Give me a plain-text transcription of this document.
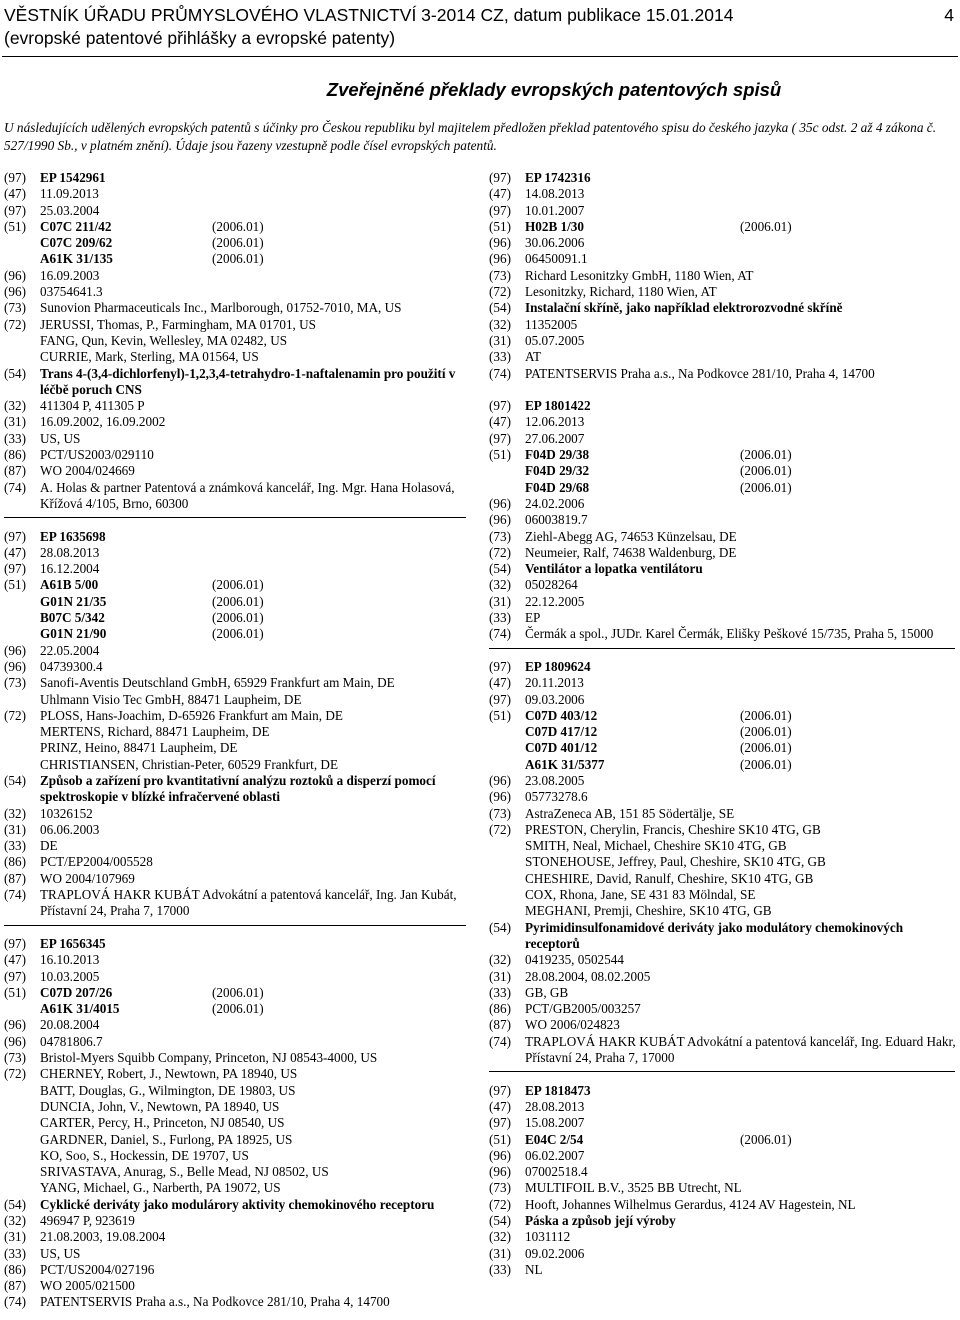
VĚSTNÍK ÚŘADU PRŮMYSLOVÉHO VLASTNICTVÍ 3-2014 CZ, datum publikace 15.01.2014
(evropské patentové přihlášky a evropské patenty)
4
Zveřejněné překlady evropských patentových spisů
U následujících udělených evropských patentů s účinky pro Českou republiku byl majitelem předložen překlad patentového spisu do českého jazyka ( 35c odst. 2 až 4 zákona č. 527/1990 Sb., v platném znění). Údaje jsou řazeny vzestupně podle čísel evropských patentů.
(97) EP 1542961
(47) 11.09.2013
(97) 25.03.2004
(51) C07C 211/42	(2006.01)
C07C 209/62	(2006.01)
A61K 31/135	(2006.01)
(96) 16.09.2003
(96) 03754641.3
(73) Sunovion Pharmaceuticals Inc., Marlborough, 01752-7010, MA, US
(72) JERUSSI, Thomas, P., Farmingham, MA 01701, US
FANG, Qun, Kevin, Wellesley, MA 02482, US
CURRIE, Mark, Sterling, MA 01564, US
(54) Trans 4-(3,4-dichlorfenyl)-1,2,3,4-tetrahydro-1-naftalenamin pro použití v léčbě poruch CNS
(32) 411304 P, 411305 P
(31) 16.09.2002, 16.09.2002
(33) US, US
(86) PCT/US2003/029110
(87) WO 2004/024669
(74) A. Holas & partner Patentová a známková kancelář, Ing. Mgr. Hana Holasová, Křížová 4/105, Brno, 60300
(97) EP 1635698
(47) 28.08.2013
(97) 16.12.2004
(51) A61B 5/00	(2006.01)
G01N 21/35	(2006.01)
B07C 5/342	(2006.01)
G01N 21/90	(2006.01)
(96) 22.05.2004
(96) 04739300.4
(73) Sanofi-Aventis Deutschland GmbH, 65929 Frankfurt am Main, DE
Uhlmann Visio Tec GmbH, 88471 Laupheim, DE
(72) PLOSS, Hans-Joachim, D-65926 Frankfurt am Main, DE
MERTENS, Richard, 88471 Laupheim, DE
PRINZ, Heino, 88471 Laupheim, DE
CHRISTIANSEN, Christian-Peter, 60529 Frankfurt, DE
(54) Způsob a zařízení pro kvantitativní analýzu roztoků a disperzí pomocí spektroskopie v blízké infračervené oblasti
(32) 10326152
(31) 06.06.2003
(33) DE
(86) PCT/EP2004/005528
(87) WO 2004/107969
(74) TRAPLOVÁ HAKR KUBÁT Advokátní a patentová kancelář, Ing. Jan Kubát, Přístavní 24, Praha 7, 17000
(97) EP 1656345
(47) 16.10.2013
(97) 10.03.2005
(51) C07D 207/26	(2006.01)
A61K 31/4015	(2006.01)
(96) 20.08.2004
(96) 04781806.7
(73) Bristol-Myers Squibb Company, Princeton, NJ 08543-4000, US
(72) CHERNEY, Robert, J., Newtown, PA 18940, US
BATT, Douglas, G., Wilmington, DE 19803, US
DUNCIA, John, V., Newtown, PA 18940, US
CARTER, Percy, H., Princeton, NJ 08540, US
GARDNER, Daniel, S., Furlong, PA 18925, US
KO, Soo, S., Hockessin, DE 19707, US
SRIVASTAVA, Anurag, S., Belle Mead, NJ 08502, US
YANG, Michael, G., Narberth, PA 19072, US
(54) Cyklické deriváty jako modulárory aktivity chemokinového receptoru
(32) 496947 P, 923619
(31) 21.08.2003, 19.08.2004
(33) US, US
(86) PCT/US2004/027196
(87) WO 2005/021500
(74) PATENTSERVIS Praha a.s., Na Podkovce 281/10, Praha 4, 14700
(97) EP 1742316
(47) 14.08.2013
(97) 10.01.2007
(51) H02B 1/30	(2006.01)
(96) 30.06.2006
(96) 06450091.1
(73) Richard Lesonitzky GmbH, 1180 Wien, AT
(72) Lesonitzky, Richard, 1180 Wien, AT
(54) Instalační skříně, jako například elektrorozvodné skříně
(32) 11352005
(31) 05.07.2005
(33) AT
(74) PATENTSERVIS Praha a.s., Na Podkovce 281/10, Praha 4, 14700
(97) EP 1801422
(47) 12.06.2013
(97) 27.06.2007
(51) F04D 29/38	(2006.01)
F04D 29/32	(2006.01)
F04D 29/68	(2006.01)
(96) 24.02.2006
(96) 06003819.7
(73) Ziehl-Abegg AG, 74653 Künzelsau, DE
(72) Neumeier, Ralf, 74638 Waldenburg, DE
(54) Ventilátor a lopatka ventilátoru
(32) 05028264
(31) 22.12.2005
(33) EP
(74) Čermák a spol., JUDr. Karel Čermák, Elišky Peškové 15/735, Praha 5, 15000
(97) EP 1809624
(47) 20.11.2013
(97) 09.03.2006
(51) C07D 403/12	(2006.01)
C07D 417/12	(2006.01)
C07D 401/12	(2006.01)
A61K 31/5377	(2006.01)
(96) 23.08.2005
(96) 05773278.6
(73) AstraZeneca AB, 151 85 Södertälje, SE
(72) PRESTON, Cherylin, Francis, Cheshire SK10 4TG, GB
SMITH, Neal, Michael, Cheshire SK10 4TG, GB
STONEHOUSE, Jeffrey, Paul, Cheshire, SK10 4TG, GB
CHESHIRE, David, Ranulf, Cheshire, SK10 4TG, GB
COX, Rhona, Jane, SE 431 83 Mölndal, SE
MEGHANI, Premji, Cheshire, SK10 4TG, GB
(54) Pyrimidinsulfonamidové deriváty jako modulátory chemokinových receptorů
(32) 0419235, 0502544
(31) 28.08.2004, 08.02.2005
(33) GB, GB
(86) PCT/GB2005/003257
(87) WO 2006/024823
(74) TRAPLOVÁ HAKR KUBÁT Advokátní a patentová kancelář, Ing. Eduard Hakr, Přístavní 24, Praha 7, 17000
(97) EP 1818473
(47) 28.08.2013
(97) 15.08.2007
(51) E04C 2/54	(2006.01)
(96) 06.02.2007
(96) 07002518.4
(73) MULTIFOIL B.V., 3525 BB Utrecht, NL
(72) Hooft, Johannes Wilhelmus Gerardus, 4124 AV Hagestein, NL
(54) Páska a způsob její výroby
(32) 1031112
(31) 09.02.2006
(33) NL
